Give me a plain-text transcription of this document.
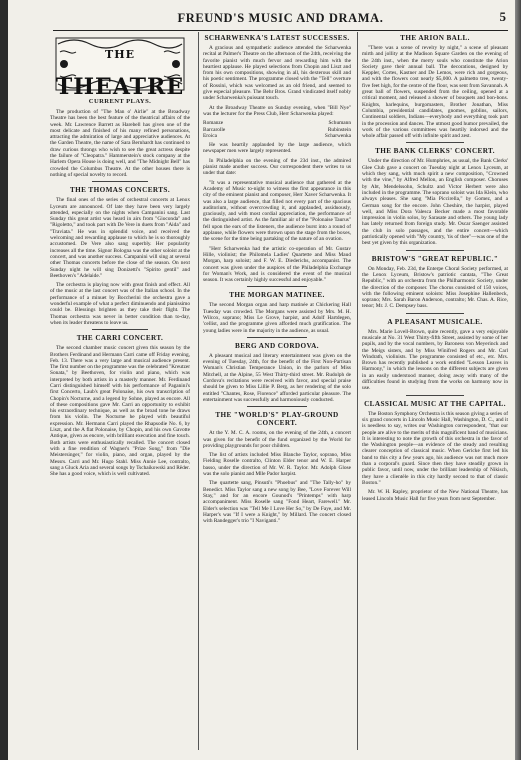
FREUND'S MUSIC AND DRAMA.	5
$^{THE}$ THEATRE
CURRENT PLAYS.

The production of "The Man o' Airlie" at the Broadway Theatre has been the best feature of the theatrical affairs of the week. Mr. Lawrence Barrett as Harebell has given one of the most delicate and finished of his many refined personations, attracting the admiration of large and appreciative audiences. At the Garden Theatre, the name of Sara Bernhardt has continued to draw curious throngs who wish to see the great actress despite the failure of "Cleopatra." Hammerstein's stock company at the Harlem Opera House is doing well, and "The Midnight Bell" has crowded the Columbus Theatre. At the other houses there is nothing of special novelty to record.

THE THOMAS CONCERTS.

The final ones of the series of orchestral concerts at Lenox Lyceum are announced. Of late they have been very largely attended, especially on the nights when Campanini sang. Last Sunday this great artist was heard in airs from "Gioconda" and "Rigoletto," and took part with De Vere in duets from "Aida" and "Traviata." He was in splendid voice, and received the welcoming and rewarding applause to which he is so thoroughly accustomed. De Vere also sang superbly. Her popularity increases all the time. Signor Bologna was the other soloist at the concert, and was another success. Campanini will sing at several other Thomas concerts before the close of the season. On next Sunday night he will sing Donizetti's "Spirito gentil" and Beethoven's "Adelaide."

The orchestra is playing now with great finish and effect. All of the music at the last concert was of the Italian school. In the performance of a minuet by Boccherini the orchestra gave a wonderful example of what a perfect diminuendo and pianissimo could be. Blessings brighten as they take their flight. The Thomas orchestra was never in better condition than to-day, when its leader threatens to leave us.

THE CARRI CONCERT.

The second chamber music concert given this season by the Brothers Ferdinand and Hermann Carri came off Friday evening, Feb. 13. There was a very large and musical audience present. The first number on the programme was the celebrated "Kreutzer Sonata," by Beethoven, for violin and piano, which was interpreted by both artists in a masterly manner. Mr. Ferdinand Carri distinguished himself with his performance of Paganini's first Concerto, Laub's great Polonaise, his own transcription of Chopin's Nocturne, and a legend by Sohne, played as encore. All of these compositions gave Mr. Carri an opportunity to exhibit his extraordinary technique, as well as the broad tone he draws from his violin. The Nocturne he played with beautiful expression. Mr. Hermann Carri played the Rhapsodie No. 6, by Liszt, and the A flat Polonaise, by Chopin, and his own Gavotte Antique, given as encore, with brilliant execution and fine touch. Both artists were enthusiastically recalled. The concert closed with a fine rendition of Wagner's "Prize Song," from "Die Meistersinger," for violin, piano, and organ, played by the Messrs. Carri and Mr. Hugo Stahl. Miss Annie Lee, contralto, sang a Gluck Aria and several songs by Tschaikowski and Rëder. She has a good voice, which is well cultivated.

SCHARWENKA'S LATEST SUCCESSES.

A gracious and sympathetic audience attended the Scharwenka recital at Palmer's Theatre on the afternoon of the 24th, receiving the favorite pianist with much fervor and rewarding him with the heartiest applause. He played selections from Chopin and Liszt and from his own compositions, showing in all, his dexterous skill and his poetic sentiment. The programme closed with the "Tell" overture of Rossini, which was welcomed as an old friend, and seemed to give especial pleasure. The Behr Bros. Grand vindicated itself nobly under Scharwenka's puissant touch.

At the Broadway Theatre on Sunday evening, when "Bill Nye" was the lecturer for the Press Club, Herr Scharwenka played:

Romanze	Schumann
Barcarolle	Rubinstein
Eroica	Scharwenka

He was heartily applauded by the large audience, which newspaper men were largely represented.

In Philadelphia on the evening of the 23d inst., the admired pianist made another success. Our correspondent there writes to us under that date:

"It was a representative musical audience that gathered at the Academy of Music to-night to witness the first appearance in this city of the eminent pianist and composer, Herr Xaver Scharwenka. It was also a large audience, that filled not every part of the spacious auditorium, without overcrowding it, and applauded, assiduously, graciously, and with most cordial appreciation, the performance of the distinguished artist. As the familiar air of the "Polonaise Taurus" fell upon the ears of the listeners, the audience burst into a round of applause, while flowers were thrown upon the stage from the boxes, the scene for the time being partaking of the nature of an ovation.

"Herr Scharwenka had the artistic co-operation of Mr. Gustav Hille, violinist; the Philomela Ladies' Quartette and Miss Maud Morgan, harp soloist; and F. W. E. Diederichs, accompanist. The concert was given under the auspices of the Philadelphia Exchange for Woman's Work, and is considered the event of the musical season. It was certainly highly successful and enjoyable."

THE MORGAN MATINEE.

The second Morgan organ and harp matinée at Chickering Hall Tuesday was crowded. The Morgans were assisted by Mrs. M. H. Wilcox, soprano; Miss Le Grove, harpist, and Adolf Hartdegen, 'cellist, and the programme given afforded much gratification. The young ladies were in the majority in the audience, as usual.

BERG AND CORDOVA.

A pleasant musical and literary entertainment was given on the evening of Tuesday, 24th, for the benefit of the First Non-Partisan Woman's Christian Temperance Union, in the parlors of Miss Mitchell, at the Alpine, 55 West Thirty-third street. Mr. Rudolph de Cordova's recitations were received with favor, and special praise should be given to Miss Lillie P. Berg, as her rendering of the solo entitled "Chantes, Rose, Florence" afforded particular pleasure. The entertainment was successfully and harmoniously conducted.

THE "WORLD'S" PLAY-GROUND CONCERT.

At the Y. M. C. A. rooms, on the evening of the 24th, a concert was given for the benefit of the fund organized by the World for providing playgrounds for poor children.

The list of artists included Miss Blanche Taylor, soprano, Miss Fielding Roselle contralto, Clinton Elder tenor and W. E. Harper basso, under the direction of Mr. W. R. Taylor. Mr. Adolph Glose was the solo pianist and Mlle Pador harpist.

The quartette sang, Pinsuti's "Phoebus" and "The Tally-ho" by Benedict. Miss Taylor sang a new song by Bee, "Love Forever Will Stay," and for an encore Gounod's "Printemps" with harp accompaniment. Miss Roselle sang "Fond Heart, Farewell." Mr. Elder's selection was "Tell Me I Love Her So," by De Faye, and Mr. Harper's was "If I were a Knight," by Millard. The concert closed with Randegger's trio "I Naviganti."

THE ARION BALL.

"There was a scene of revelry by night," a scene of pleasant mirth and jollity at the Madison Square Garden on the evening of the 24th inst., when the merry souls who constitute the Arion Society gave their annual ball. The decorations, designed by Keppler, Cortes, Kastner and De Lemos, were rich and gorgeous, and with the flowers cost nearly $5,000. A palmetto tree, twenty-five feet high, for the centre of the floor, was sent from Savannah. A great ball of flowers, suspended from the ceiling, opened at a critical moment, and released a shower of bouquets and bon-bons. Knights, harlequins, burgomasters, Brother Jonathan, Miss Columbia, presidential candidates, gnomes, goblins, sailors, Continental soldiers, Indians—everybody and everything took part in the procession and dances. The utmost good humor prevailed, the work of the various committees was heartily indorsed and the whole affair passed off with infinite spirit and zest.

THE BANK CLERKS' CONCERT.

Under the direction of Mr. Humphries, as usual, the Bank Clerks' Glee Club gave a concert on Tuesday night at Lenox Lyceum, at which they sang, with much spirit a new composition, "Crowned with the vine," by Alfred Mellon, an English composer. Choruses by Abt, Mendelssohn, Schultz and Victor Herbert were also included in the programme. The soprano soloist was Ida Klein, who always pleases. She sang "Mia Piccirella," by Gomez, and a German song for the encore. John Cheshire, the harpist, played well, and Miss Dora Valesca Becker made a most favorable impression in violin solos, by Sarasate and others. The young lady has lately returned from foreign study. Mr. Oscar Saenger assisted the club in solo passages, and the entire concert—which patriotically opened with "My country, 'tis of thee"—was one of the best yet given by this organization.

BRISTOW'S "GREAT REPUBLIC."

On Monday, Feb. 23d, the Enterpe Choral Society performed, at the Lenox Lyceum, Bristow's patriotic cantata, "The Great Republic," with an orchestra from the Philharmonic Society, under the direction of the composer. The chorus consisted of 150 voices, with the following eminent soloists: Miss Josephine Hallenbeck, soprano; Mrs. Sarah Baron Anderson, contralto; Mr. Chas. A. Rice, tenor; Mr. J. C. Dempsey bass.

A PLEASANT MUSICALE.

Mrs. Marie Lovell-Brown, quite recently, gave a very enjoyable musicale at No. 31 West Thirty-fifth Street, assisted by some of her pupils, and by the vocal numbers, by Baroness von Meyerinck and the Meigs sisters, and by Miss Winifred Rogers and Mr. Carl Windrath, violinists. The programme consisted of etc., etc. Mrs. Brown has recently published a work entitled "Lesson Leaves in Harmony," in which the lessons on the different subjects are given in an easily understood manner, doing away with many of the difficulties found in studying from the works on harmony now in use.

CLASSICAL MUSIC AT THE CAPITAL.

The Boston Symphony Orchestra is this season giving a series of six grand concerts in Lincoln Music Hall, Washington, D. C., and it is needless to say, writes our Washington correspondent, "that our people are alive to the merits of this magnificent band of musicians. It is interesting to note the growth of this orchestra in the favor of the Washington people—an evidence of the steady and resulting clearer conception of classical music. When Gericke first led his band to this city a few years ago, his audience was not much more than a corporal's guard. Since then they have steadily grown in public favor, until now, under the brilliant leadership of Nikisch, they have a clientèle in this city hardly second to that of classic Boston."

Mr. W. H. Rapley, proprietor of the New National Theatre, has leased Lincoln Music Hall for five years from next September.
